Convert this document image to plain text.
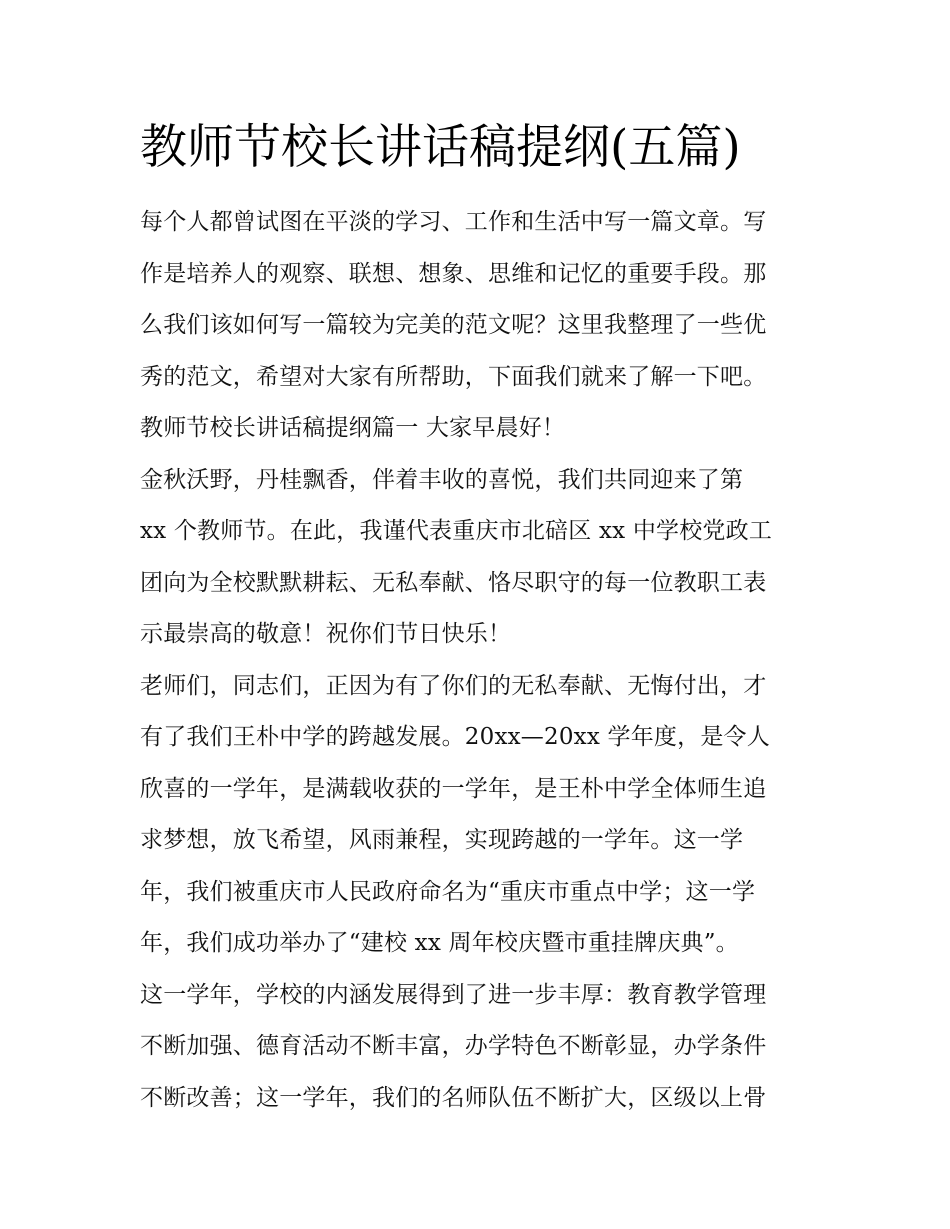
教师节校长讲话稿提纲(五篇)
每个人都曾试图在平淡的学习、工作和生活中写一篇文章。写
作是培养人的观察、联想、想象、思维和记忆的重要手段。那
么我们该如何写一篇较为完美的范文呢？这里我整理了一些优
秀的范文，希望对大家有所帮助，下面我们就来了解一下吧。
教师节校长讲话稿提纲篇一 大家早晨好！
金秋沃野，丹桂飘香，伴着丰收的喜悦，我们共同迎来了第
xx 个教师节。在此，我谨代表重庆市北碚区 xx 中学校党政工
团向为全校默默耕耘、无私奉献、恪尽职守的每一位教职工表
示最崇高的敬意！祝你们节日快乐！
老师们，同志们，正因为有了你们的无私奉献、无悔付出，才
有了我们王朴中学的跨越发展。20xx—20xx 学年度，是令人
欣喜的一学年，是满载收获的一学年，是王朴中学全体师生追
求梦想，放飞希望，风雨兼程，实现跨越的一学年。这一学
年，我们被重庆市人民政府命名为“重庆市重点中学；这一学
年，我们成功举办了“建校 xx 周年校庆暨市重挂牌庆典”。
这一学年，学校的内涵发展得到了进一步丰厚：教育教学管理
不断加强、德育活动不断丰富，办学特色不断彰显，办学条件
不断改善；这一学年，我们的名师队伍不断扩大，区级以上骨
